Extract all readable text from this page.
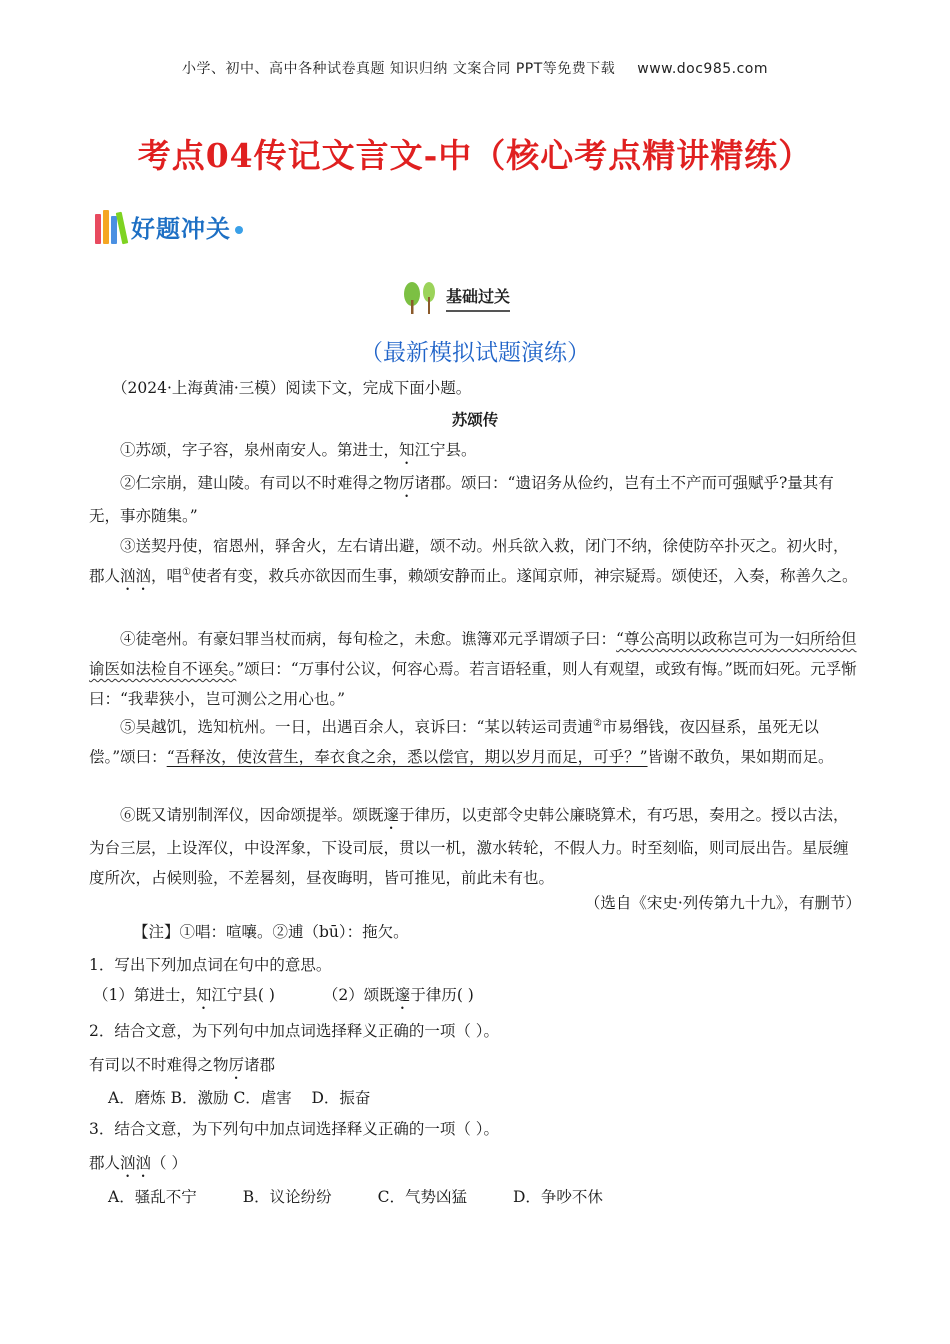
小学、初中、高中各种试卷真题 知识归纳 文案合同 PPT等免费下载 www.doc985.com
考点04传记文言文-中（核心考点精讲精练）
好题冲关
基础过关
（最新模拟试题演练）
（2024·上海黄浦·三模）阅读下文，完成下面小题。
苏颂传
①苏颂，字子容，泉州南安人。第进士，知江宁县。
②仁宗崩，建山陵。有司以不时难得之物厉诸郡。颂曰：“遗诏务从俭约，岂有土不产而可强赋乎?量其有无，事亦随集。”
③送契丹使，宿恩州，驿舍火，左右请出避，颂不动。州兵欲入救，闭门不纳，徐使防卒扑灭之。初火时，郡人汹汹，唱①使者有变，救兵亦欲因而生事，赖颂安静而止。遂闻京师，神宗疑焉。颂使还，入奏，称善久之。
④徒亳州。有豪妇罪当杖而病，每旬检之，未愈。谯簿邓元孚谓颂子曰：“尊公高明以政称岂可为一妇所给但谕医如法检自不诬矣。”颂曰：“万事付公议，何容心焉。若言语轻重，则人有观望，或致有悔。”既而妇死。元孚惭曰：“我辈狭小，岂可测公之用心也。”
⑤吴越饥，选知杭州。一日，出遇百余人，哀诉曰：“某以转运司责逋②市易缗钱，夜囚昼系，虽死无以偿。”颂曰：“吾释汝，使汝营生，奉衣食之余，悉以偿官，期以岁月而足，可乎？”皆谢不敢负，果如期而足。
⑥既又请别制浑仪，因命颂提举。颂既邃于律历，以吏部令史韩公廉晓算术，有巧思，奏用之。授以古法，为台三层，上设浑仪，中设浑象，下设司辰，贯以一机，激水转轮，不假人力。时至刻临，则司辰出告。星辰缠度所次，占候则验，不差晷刻，昼夜晦明，皆可推见，前此未有也。
（选自《宋史·列传第九十九》，有删节）
【注】①唱：喧嚷。②逋（bū）：拖欠。
1．写出下列加点词在句中的意思。
（1）第进士，知江宁县( )	（2）颂既邃于律历( )
2．结合文意，为下列句中加点词选择释义正确的一项（ ）。
有司以不时难得之物厉诸郡
A．磨炼 B．激励 C．虐害    D．振奋
3．结合文意，为下列句中加点词选择释义正确的一项（ ）。
郡人汹汹（ ）
A．骚乱不宁	B．议论纷纷	C．气势凶猛	D．争吵不休
